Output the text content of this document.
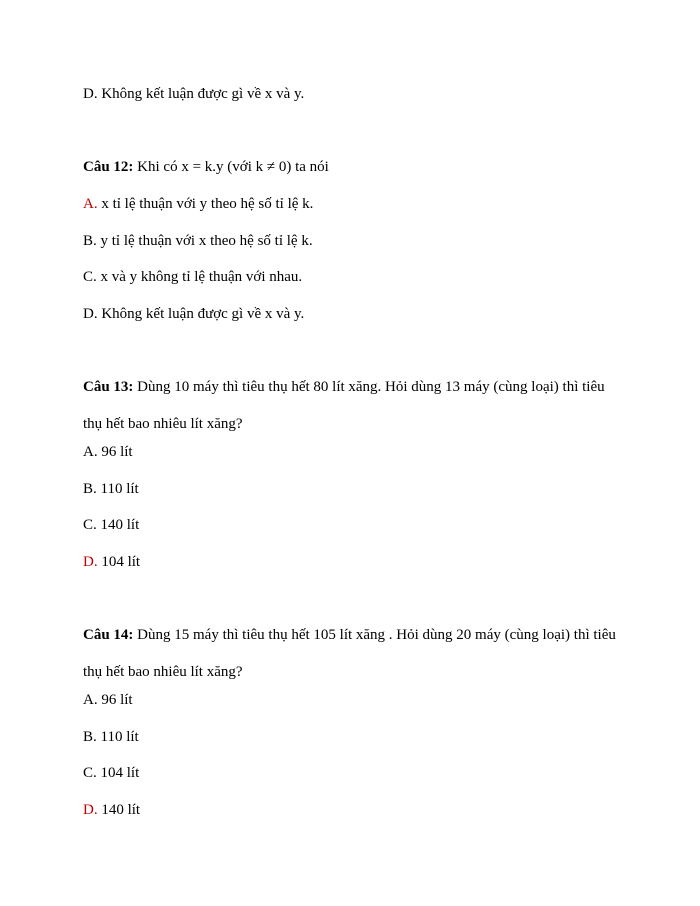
D. Không kết luận được gì về x và y.
Câu 12: Khi có x = k.y (với k ≠ 0) ta nói
A. x tỉ lệ thuận với y theo hệ số tỉ lệ k.
B. y tỉ lệ thuận với x theo hệ số tỉ lệ k.
C. x và y không tỉ lệ thuận với nhau.
D. Không kết luận được gì về x và y.
Câu 13: Dùng 10 máy thì tiêu thụ hết 80 lít xăng. Hỏi dùng 13 máy (cùng loại) thì tiêu thụ hết bao nhiêu lít xăng?
A. 96 lít
B. 110 lít
C. 140 lít
D. 104 lít
Câu 14: Dùng 15 máy thì tiêu thụ hết 105 lít xăng . Hỏi dùng 20 máy (cùng loại) thì tiêu thụ hết bao nhiêu lít xăng?
A. 96 lít
B. 110 lít
C. 104 lít
D. 140 lít
